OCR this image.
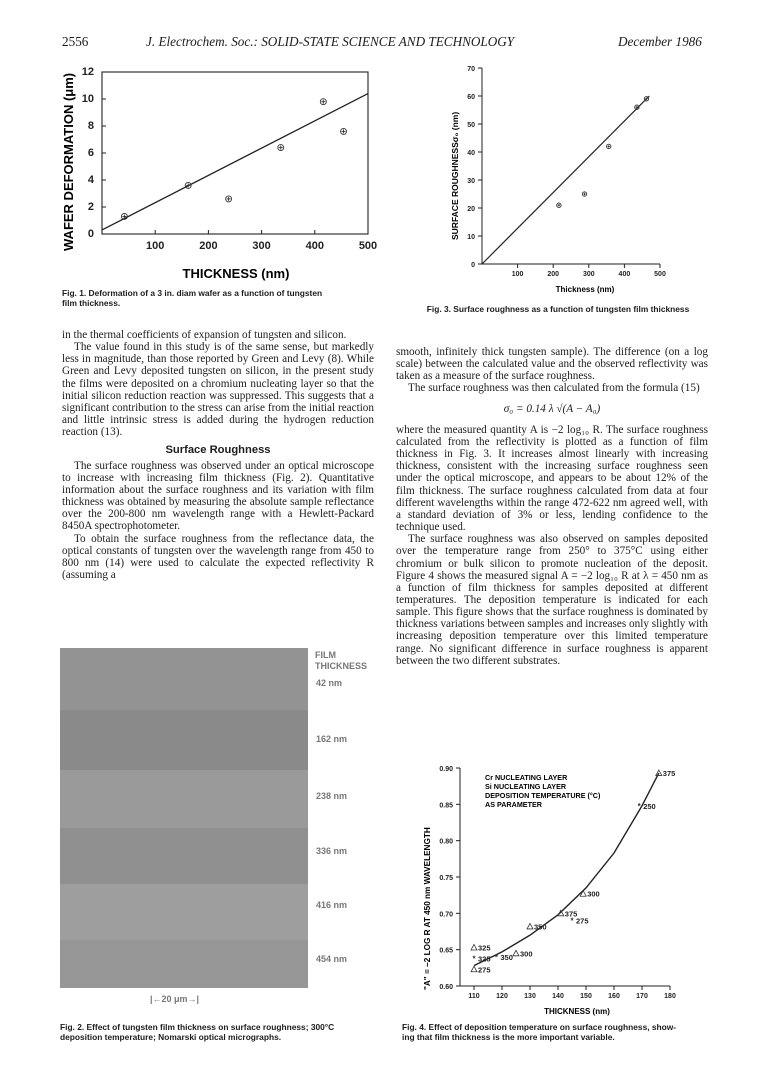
2556	J. Electrochem. Soc.: SOLID-STATE SCIENCE AND TECHNOLOGY	December 1986
100	200	300	400	500
0
2
4
6
8
10
12
WAFER DEFORMATION (μm)
THICKNESS (nm)
Fig. 1. Deformation of a 3 in. diam wafer as a function of tungsten
film thickness.
100	200	300	400	500
0
10
20
30
40
50
60
70
SURFACE ROUGHNESSσ₀ (nm)
Thickness (nm)
Fig. 3. Surface roughness as a function of tungsten film thickness

in the thermal coefficients of expansion of tungsten and silicon.

The value found in this study is of the same sense, but markedly less in magnitude, than those reported by Green and Levy (8). While Green and Levy deposited tungsten on silicon, in the present study the films were deposited on a chromium nucleating layer so that the initial silicon reduction reaction was suppressed. This suggests that a significant contribution to the stress can arise from the initial reaction and little intrinsic stress is added during the hydrogen reduction reaction (13).

Surface Roughness

The surface roughness was observed under an optical microscope to increase with increasing film thickness (Fig. 2). Quantitative information about the surface roughness and its variation with film thickness was obtained by measuring the absolute sample reflectance over the 200-800 nm wavelength range with a Hewlett-Packard 8450A spectrophotometer.

To obtain the surface roughness from the reflectance data, the optical constants of tungsten over the wavelength range from 450 to 800 nm (14) were used to calculate the expected reflectivity R (assuming a

smooth, infinitely thick tungsten sample). The difference (on a log scale) between the calculated value and the observed reflectivity was taken as a measure of the surface roughness.

The surface roughness was then calculated from the formula (15)

σ₀ = 0.14 λ √(A − A₀)

where the measured quantity A is −2 log₁₀ R. The surface roughness calculated from the reflectivity is plotted as a function of film thickness in Fig. 3. It increases almost linearly with increasing thickness, consistent with the increasing surface roughness seen under the optical microscope, and appears to be about 12% of the film thickness. The surface roughness calculated from data at four different wavelengths within the range 472-622 nm agreed well, with a standard deviation of 3% or less, lending confidence to the technique used.

The surface roughness was also observed on samples deposited over the temperature range from 250° to 375°C using either chromium or bulk silicon to promote nucleation of the deposit. Figure 4 shows the measured signal A = −2 log₁₀ R at λ = 450 nm as a function of film thickness for samples deposited at different temperatures. The deposition temperature is indicated for each sample. This figure shows that the surface roughness is dominated by thickness variations between samples and increases only slightly with increasing deposition temperature over this limited temperature range. No significant difference in surface roughness is apparent between the two different substrates.

FILM
THICKNESS
42 nm
162 nm
238 nm
336 nm
416 nm
454 nm
|←20 μm→|
Fig. 2. Effect of tungsten film thickness on surface roughness; 300°C
deposition temperature; Nomarski optical micrographs.
110 120 130 140 150 160 170 180
0.60
0.65
0.70
0.75
0.80
0.85
0.90
325
* 325
275
* 350 300
350
375
* 275
300
* 250
375
"A" = −2 LOG R AT 450 nm WAVELENGTH
THICKNESS (nm)
Cr NUCLEATING LAYER
Si NUCLEATING LAYER
DEPOSITION TEMPERATURE (°C)
AS PARAMETER
Fig. 4. Effect of deposition temperature on surface roughness, show-
ing that film thickness is the more important variable.
